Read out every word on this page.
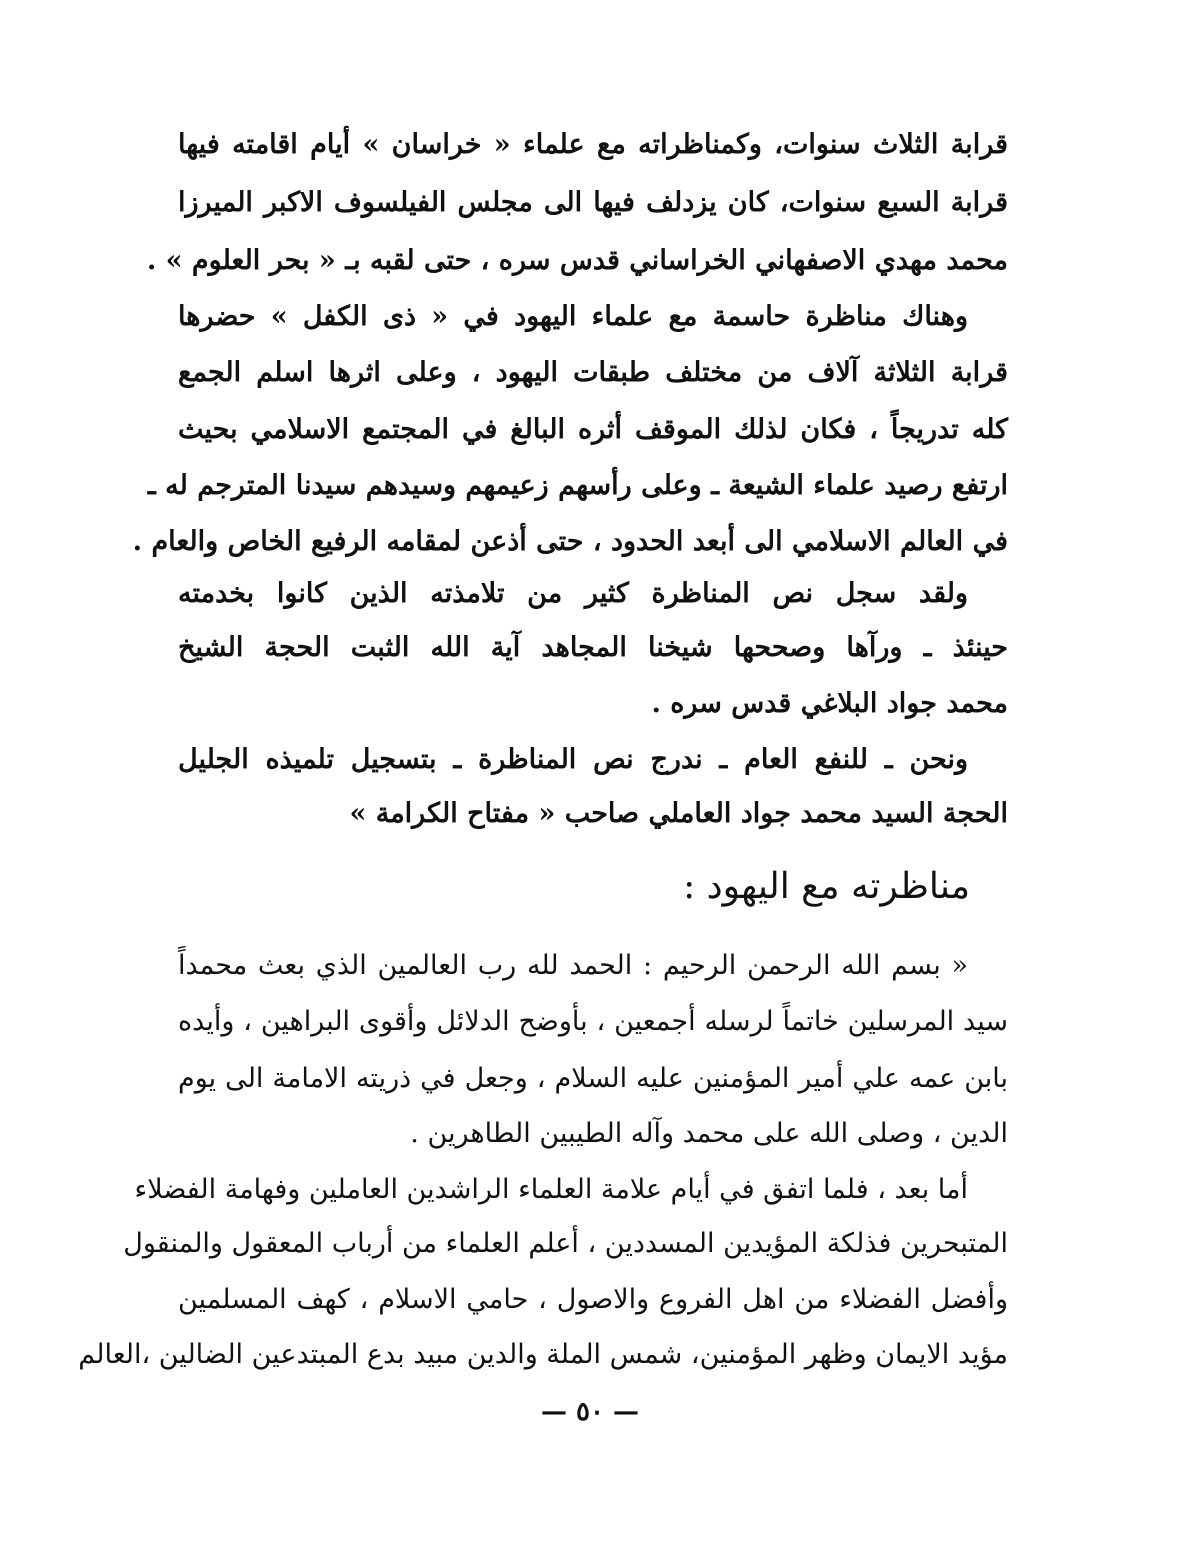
قرابة الثلاث سنوات، وكمناظراته مع علماء « خراسان » أيام اقامته فيها
قرابة السبع سنوات، كان يزدلف فيها الى مجلس الفيلسوف الاكبر الميرزا
محمد مهدي الاصفهاني الخراساني قدس سره ، حتى لقبه بـ « بحر العلوم » .
وهناك مناظرة حاسمة مع علماء اليهود في « ذى الكفل » حضرها
قرابة الثلاثة آلاف من مختلف طبقات اليهود ، وعلى اثرها اسلم الجمع
كله تدريجاً ، فكان لذلك الموقف أثره البالغ في المجتمع الاسلامي بحيث
ارتفع رصيد علماء الشيعة ـ وعلى رأسهم زعيمهم وسيدهم سيدنا المترجم له ـ
في العالم الاسلامي الى أبعد الحدود ، حتى أذعن لمقامه الرفيع الخاص والعام .
ولقد سجل نص المناظرة كثير من تلامذته الذين كانوا بخدمته
حينئذ ـ ورآها وصححها شيخنا المجاهد آية الله الثبت الحجة الشيخ
محمد جواد البلاغي قدس سره .
ونحن ـ للنفع العام ـ ندرج نص المناظرة ـ بتسجيل تلميذه الجليل
الحجة السيد محمد جواد العاملي صاحب « مفتاح الكرامة »
مناظرته مع اليهود :
« بسم الله الرحمن الرحيم : الحمد لله رب العالمين الذي بعث محمداً
سيد المرسلين خاتماً لرسله أجمعين ، بأوضح الدلائل وأقوى البراهين ، وأيده
بابن عمه علي أمير المؤمنين عليه السلام ، وجعل في ذريته الامامة الى يوم
الدين ، وصلى الله على محمد وآله الطيبين الطاهرين .
أما بعد ، فلما اتفق في أيام علامة العلماء الراشدين العاملين وفهامة الفضلاء
المتبحرين فذلكة المؤيدين المسددين ، أعلم العلماء من أرباب المعقول والمنقول
وأفضل الفضلاء من اهل الفروع والاصول ، حامي الاسلام ، كهف المسلمين
مؤيد الايمان وظهر المؤمنين، شمس الملة والدين مبيد بدع المبتدعين الضالين ،العالم
— ٥٠ —
